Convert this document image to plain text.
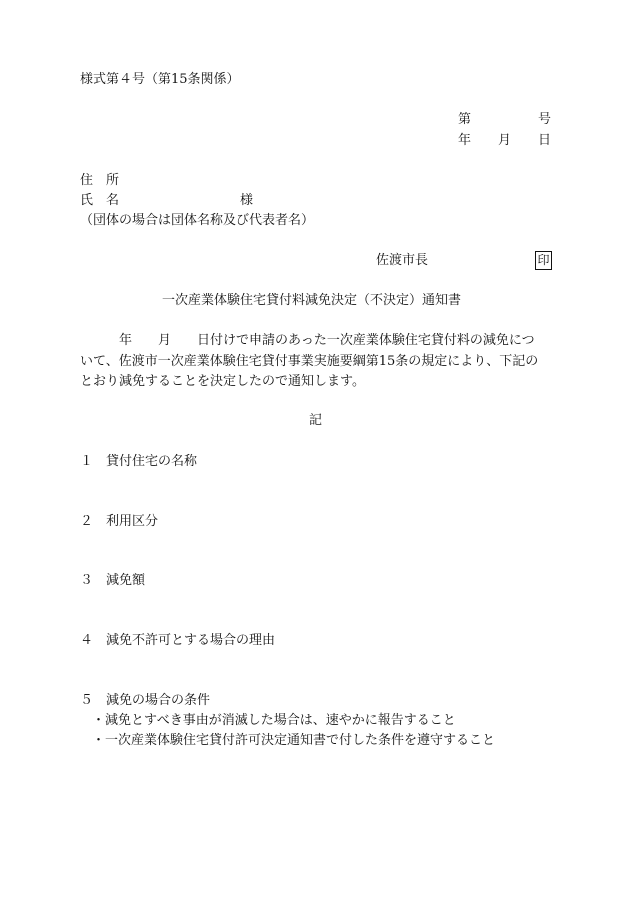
様式第４号（第15条関係）
第	号
年 月 日
住　所
氏　名	様
（団体の場合は団体名称及び代表者名）
佐渡市長	印
一次産業体験住宅貸付料減免決定（不決定）通知書
年 月 日付けで申請のあった一次産業体験住宅貸付料の減免につ
いて、佐渡市一次産業体験住宅貸付事業実施要綱第15条の規定により、下記の
とおり減免することを決定したので通知します。
記
１ 貸付住宅の名称
２ 利用区分
３ 減免額
４ 減免不許可とする場合の理由
５ 減免の場合の条件
・減免とすべき事由が消滅した場合は、速やかに報告すること
・一次産業体験住宅貸付許可決定通知書で付した条件を遵守すること
